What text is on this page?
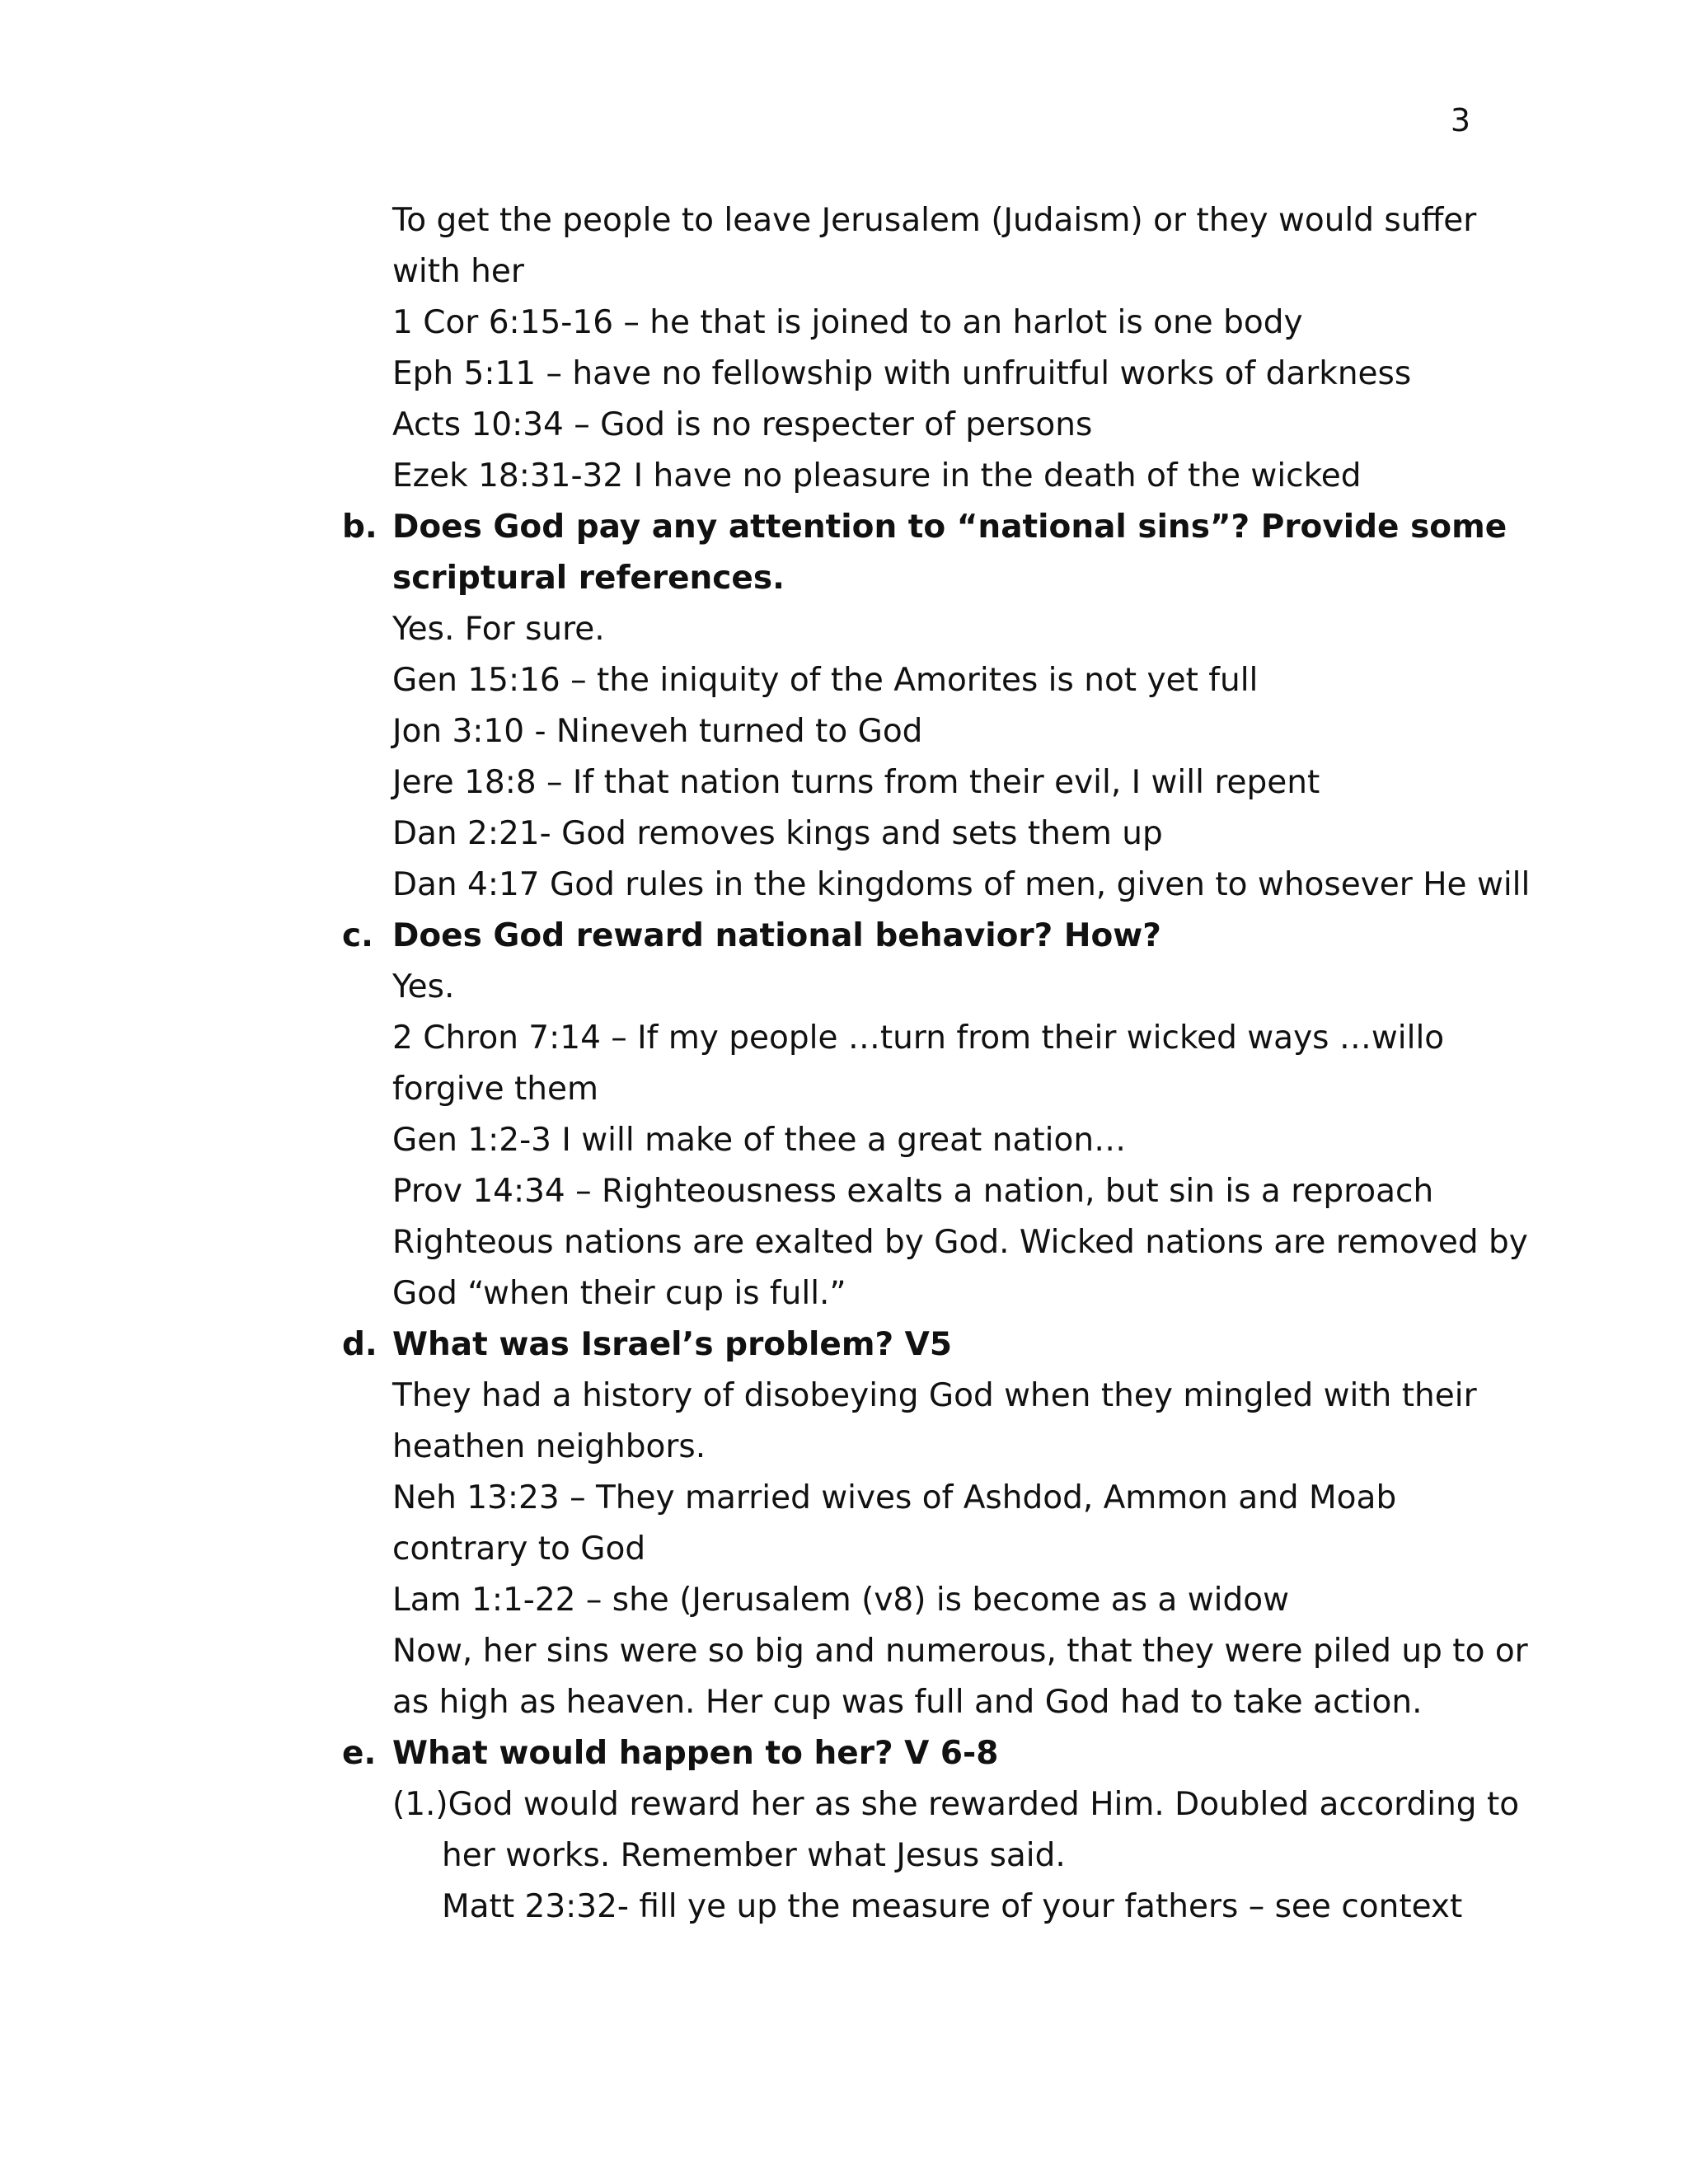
3
To get the people to leave Jerusalem (Judaism) or they would suffer
with her
1 Cor 6:15-16 – he that is joined to an harlot is one body
Eph 5:11 – have no fellowship with unfruitful works of darkness
Acts 10:34 – God is no respecter of persons
Ezek 18:31-32 I have no pleasure in the death of the wicked
b. Does God pay any attention to “national sins”? Provide some
scriptural references.
Yes. For sure.
Gen 15:16 – the iniquity of the Amorites is not yet full
Jon 3:10 - Nineveh turned to God
Jere 18:8 – If that nation turns from their evil, I will repent
Dan 2:21- God removes kings and sets them up
Dan 4:17 God rules in the kingdoms of men, given to whosever He will
c. Does God reward national behavior? How?
Yes.
2 Chron 7:14 – If my people …turn from their wicked ways …willo
forgive them
Gen 1:2-3 I will make of thee a great nation…
Prov 14:34 – Righteousness exalts a nation, but sin is a reproach
Righteous nations are exalted by God. Wicked nations are removed by
God “when their cup is full.”
d. What was Israel’s problem? V5
They had a history of disobeying God when they mingled with their
heathen neighbors.
Neh 13:23 – They married wives of Ashdod, Ammon and Moab
contrary to God
Lam 1:1-22 – she (Jerusalem (v8) is become as a widow
Now, her sins were so big and numerous, that they were piled up to or
as high as heaven. Her cup was full and God had to take action.
e. What would happen to her? V 6-8
(1.)God would reward her as she rewarded Him. Doubled according to
her works. Remember what Jesus said.
Matt 23:32- fill ye up the measure of your fathers – see context
